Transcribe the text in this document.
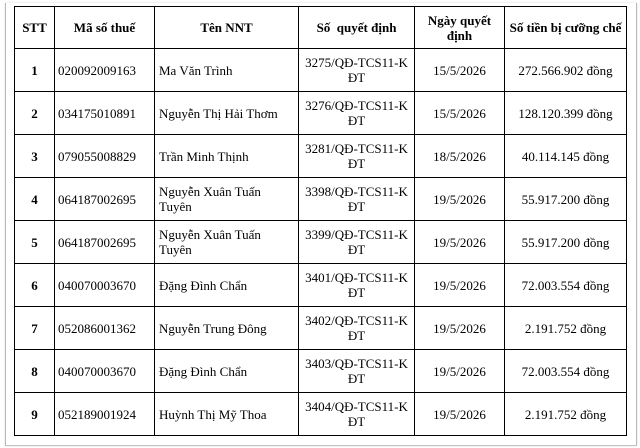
STT	Mã số thuế	Tên NNT	Số  quyết định	Ngày quyết định	Số tiền bị cưỡng chế
1	020092009163	Ma Văn Trình	3275/QĐ-TCS11-K ĐT	15/5/2026	272.566.902 đồng
2	034175010891	Nguyễn Thị Hải Thơm	3276/QĐ-TCS11-K ĐT	15/5/2026	128.120.399 đồng
3	079055008829	Trần Minh Thịnh	3281/QĐ-TCS11-K ĐT	18/5/2026	40.114.145 đồng
4	064187002695	Nguyễn Xuân Tuấn Tuyên	3398/QĐ-TCS11-K ĐT	19/5/2026	55.917.200 đồng
5	064187002695	Nguyễn Xuân Tuấn Tuyên	3399/QĐ-TCS11-K ĐT	19/5/2026	55.917.200 đồng
6	040070003670	Đặng Đình Chẩn	3401/QĐ-TCS11-K ĐT	19/5/2026	72.003.554 đồng
7	052086001362	Nguyễn Trung Đông	3402/QĐ-TCS11-K ĐT	19/5/2026	2.191.752 đồng
8	040070003670	Đặng Đình Chẩn	3403/QĐ-TCS11-K ĐT	19/5/2026	72.003.554 đồng
9	052189001924	Huỳnh Thị Mỹ Thoa	3404/QĐ-TCS11-K ĐT	19/5/2026	2.191.752 đồng
